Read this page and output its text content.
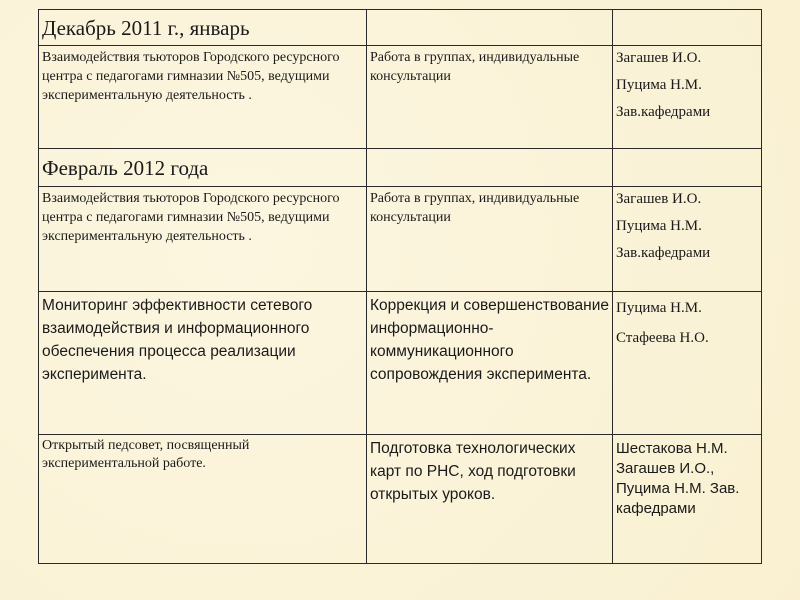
Декабрь 2011 г., январь		
Взаимодействия тьюторов Городского ресурсного центра с педагогами гимназии №505, ведущими экспериментальную деятельность .	Работа в группах, индивидуальные консультации	Загашев И.О.

Пуцима Н.М.

Зав.кафедрами

Февраль 2012 года		
Взаимодействия тьюторов Городского ресурсного центра с педагогами гимназии №505, ведущими экспериментальную деятельность .	Работа в группах, индивидуальные консультации	Загашев И.О.

Пуцима Н.М.

Зав.кафедрами

Мониторинг эффективности сетевого взаимодействия и информационного обеспечения процесса реализации эксперимента.	Коррекция и совершенствование информационно-коммуникационного сопровождения эксперимента.	Пуцима Н.М.

Стафеева Н.О.

Открытый педсовет, посвященный экспериментальной работе.	Подготовка технологических карт по РНС, ход подготовки открытых уроков.	Шестакова Н.М.
Загашев И.О.,
Пуцима Н.М. Зав. кафедрами
